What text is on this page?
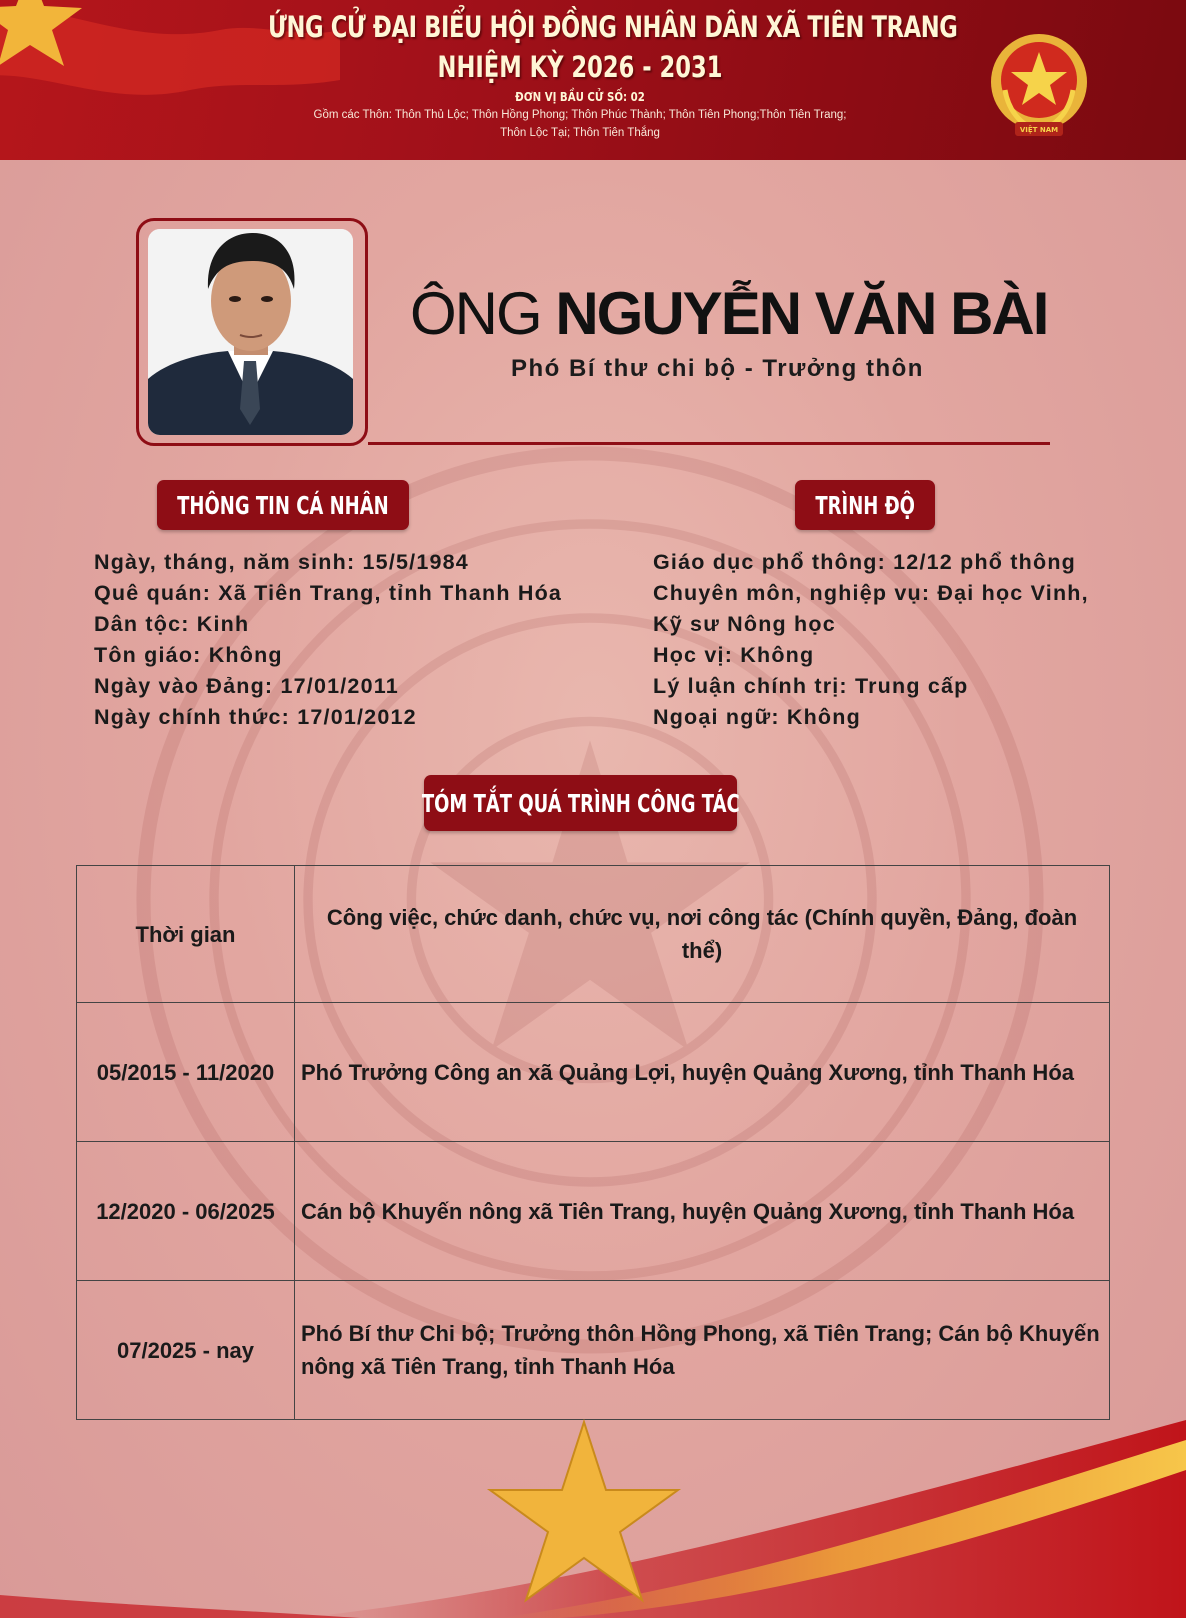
ỨNG CỬ ĐẠI BIỂU HỘI ĐỒNG NHÂN DÂN XÃ TIÊN TRANG
NHIỆM KỲ 2026 - 2031
ĐƠN VỊ BẦU CỬ SỐ: 02
Gồm các Thôn: Thôn Thủ Lộc; Thôn Hồng Phong; Thôn Phúc Thành; Thôn Tiên Phong;Thôn Tiên Trang;
Thôn Lộc Tại; Thôn Tiên Thắng	VIỆT NAM
ÔNG NGUYỄN VĂN BÀI
Phó Bí thư chi bộ - Trưởng thôn
THÔNG TIN CÁ NHÂN	TRÌNH ĐỘ
Ngày, tháng, năm sinh: 15/5/1984
Quê quán: Xã Tiên Trang, tỉnh Thanh Hóa
Dân tộc: Kinh
Tôn giáo: Không
Ngày vào Đảng: 17/01/2011
Ngày chính thức: 17/01/2012
Giáo dục phổ thông: 12/12 phổ thông
Chuyên môn, nghiệp vụ: Đại học Vinh,
Kỹ sư Nông học
Học vị: Không
Lý luận chính trị: Trung cấp
Ngoại ngữ: Không
TÓM TẮT QUÁ TRÌNH CÔNG TÁC
Thời gian	Công việc, chức danh, chức vụ, nơi công tác (Chính quyền, Đảng, đoàn thể)
05/2015 - 11/2020	Phó Trưởng Công an xã Quảng Lợi, huyện Quảng Xương, tỉnh Thanh Hóa
12/2020 - 06/2025	Cán bộ Khuyến nông xã Tiên Trang, huyện Quảng Xương, tỉnh Thanh Hóa
07/2025 - nay	Phó Bí thư Chi bộ; Trưởng thôn Hồng Phong, xã Tiên Trang; Cán bộ Khuyến nông xã Tiên Trang, tỉnh Thanh Hóa
